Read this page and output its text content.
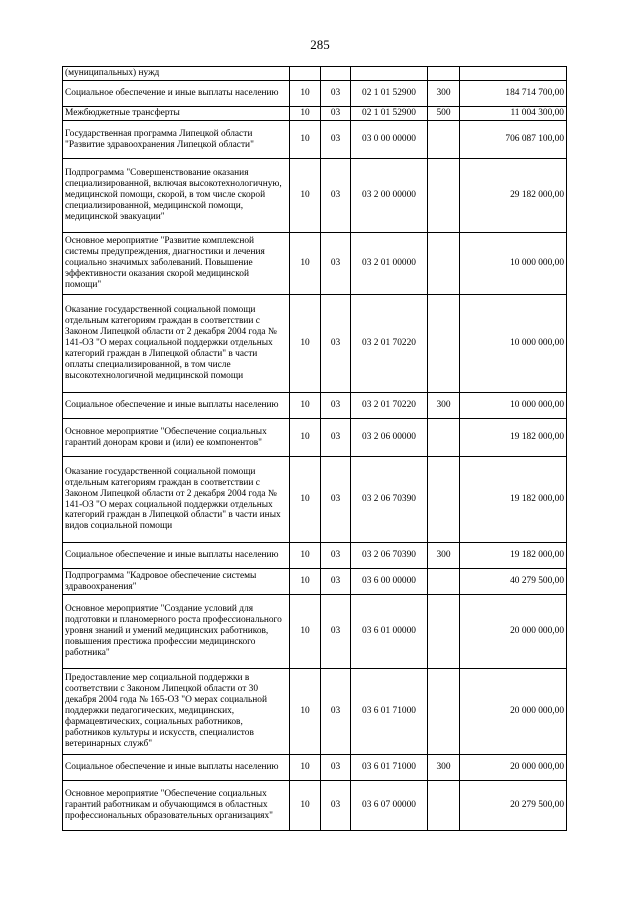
285
(муниципальных) нужд					
Социальное обеспечение и иные выплаты населению	10	03	02 1 01 52900	300	184 714 700,00
Межбюджетные трансферты	10	03	02 1 01 52900	500	11 004 300,00
Государственная программа Липецкой области "Развитие здравоохранения Липецкой области"	10	03	03 0 00 00000		706 087 100,00
Подпрограмма "Совершенствование оказания специализированной, включая высокотехнологичную, медицинской помощи, скорой, в том числе скорой специализированной, медицинской помощи, медицинской эвакуации"	10	03	03 2 00 00000		29 182 000,00
Основное мероприятие "Развитие комплексной системы предупреждения, диагностики и лечения социально значимых заболеваний. Повышение эффективности оказания скорой медицинской помощи"	10	03	03 2 01 00000		10 000 000,00
Оказание государственной социальной помощи отдельным категориям граждан в соответствии с Законом Липецкой области от 2 декабря 2004 года № 141-ОЗ "О мерах социальной поддержки отдельных категорий граждан в Липецкой области" в части оплаты специализированной, в том числе высокотехнологичной медицинской помощи	10	03	03 2 01 70220		10 000 000,00
Социальное обеспечение и иные выплаты населению	10	03	03 2 01 70220	300	10 000 000,00
Основное мероприятие "Обеспечение социальных гарантий донорам крови и (или) ее компонентов"	10	03	03 2 06 00000		19 182 000,00
Оказание государственной социальной помощи отдельным категориям граждан в соответствии с Законом Липецкой области от 2 декабря 2004 года № 141-ОЗ "О мерах социальной поддержки отдельных категорий граждан в Липецкой области" в части иных видов социальной помощи	10	03	03 2 06 70390		19 182 000,00
Социальное обеспечение и иные выплаты населению	10	03	03 2 06 70390	300	19 182 000,00
Подпрограмма "Кадровое обеспечение системы здравоохранения"	10	03	03 6 00 00000		40 279 500,00
Основное мероприятие "Создание условий для подготовки и планомерного роста профессионального уровня знаний и умений медицинских работников, повышения престижа профессии медицинского работника"	10	03	03 6 01 00000		20 000 000,00
Предоставление мер социальной поддержки в соответствии с Законом Липецкой области от 30 декабря 2004 года № 165-ОЗ "О мерах социальной поддержки педагогических, медицинских, фармацевтических, социальных работников, работников культуры и искусств, специалистов ветеринарных служб"	10	03	03 6 01 71000		20 000 000,00
Социальное обеспечение и иные выплаты населению	10	03	03 6 01 71000	300	20 000 000,00
Основное мероприятие "Обеспечение социальных гарантий работникам и обучающимся в областных профессиональных образовательных организациях"	10	03	03 6 07 00000		20 279 500,00
